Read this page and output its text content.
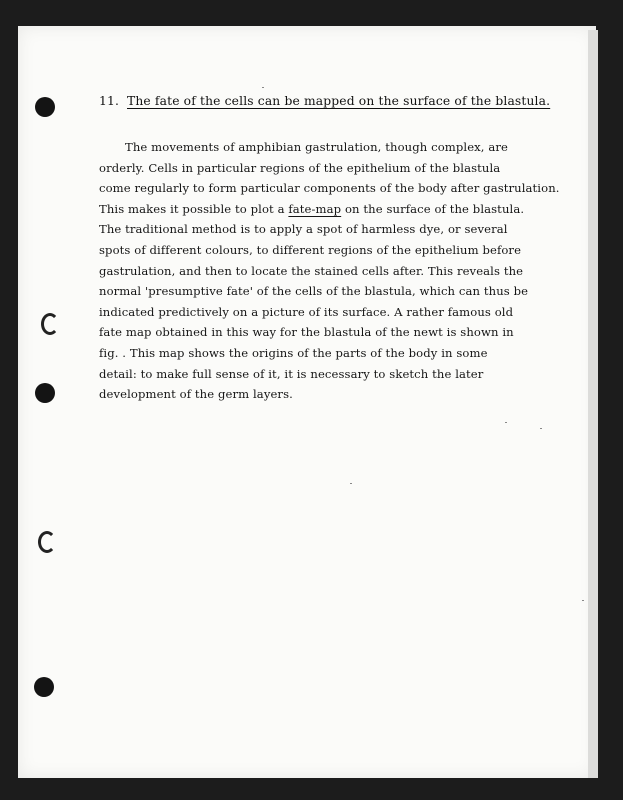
11. The fate of the cells can be mapped on the surface of the blastula.
The movements of amphibian gastrulation, though complex, are
orderly. Cells in particular regions of the epithelium of the blastula
come regularly to form particular components of the body after gastrulation.
This makes it possible to plot a fate-map on the surface of the blastula.
The traditional method is to apply a spot of harmless dye, or several
spots of different colours, to different regions of the epithelium before
gastrulation, and then to locate the stained cells after. This reveals the
normal 'presumptive fate' of the cells of the blastula, which can thus be
indicated predictively on a picture of its surface. A rather famous old
fate map obtained in this way for the blastula of the newt is shown in
fig. . This map shows the origins of the parts of the body in some
detail: to make full sense of it, it is necessary to sketch the later
development of the germ layers.
